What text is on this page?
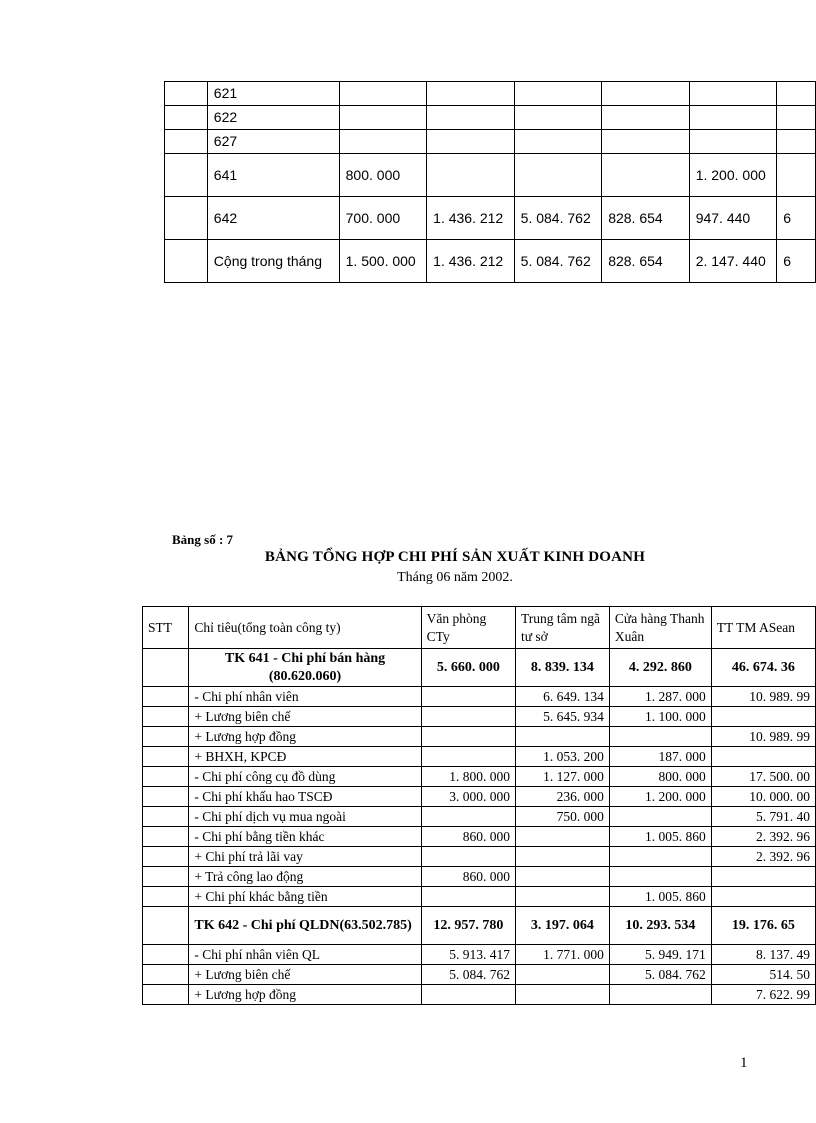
	621						
	622						
	627						
	641	800. 000				1. 200. 000	
	642	700. 000	1. 436. 212	5. 084. 762	828. 654	947. 440	6
	Cộng trong tháng	1. 500. 000	1. 436. 212	5. 084. 762	828. 654	2. 147. 440	6
Bảng số : 7
BẢNG TỔNG HỢP CHI PHÍ SẢN XUẤT KINH DOANH
Tháng 06 năm 2002.
STT	Chỉ tiêu(tổng toàn công ty)	Văn phòng CTy	Trung tâm ngã tư sở	Cửa hàng Thanh Xuân	TT TM ASean
	TK 641 - Chi phí bán hàng (80.620.060)	5. 660. 000	8. 839. 134	4. 292. 860	46. 674. 36
	- Chi phí nhân viên		6. 649. 134	1. 287. 000	10. 989. 99
	+ Lương biên chế		5. 645. 934	1. 100. 000	
	+ Lương hợp đồng				10. 989. 99
	+ BHXH, KPCĐ		1. 053. 200	187. 000	
	- Chi phí công cụ đồ dùng	1. 800. 000	1. 127. 000	800. 000	17. 500. 00
	- Chi phí khấu hao TSCĐ	3. 000. 000	236. 000	1. 200. 000	10. 000. 00
	- Chi phí dịch vụ mua ngoài		750. 000		5. 791. 40
	- Chi phí bằng tiền khác	860. 000		1. 005. 860	2. 392. 96
	+ Chi phí trả lãi vay				2. 392. 96
	+ Trả công lao động	860. 000			
	+ Chi phí khác bằng tiền			1. 005. 860	
	TK 642 - Chi phí QLDN(63.502.785)	12. 957. 780	3. 197. 064	10. 293. 534	19. 176. 65
	- Chi phí nhân viên QL	5. 913. 417	1. 771. 000	5. 949. 171	8. 137. 49
	+ Lương biên chế	5. 084. 762		5. 084. 762	514. 50
	+ Lương hợp đồng				7. 622. 99
1
